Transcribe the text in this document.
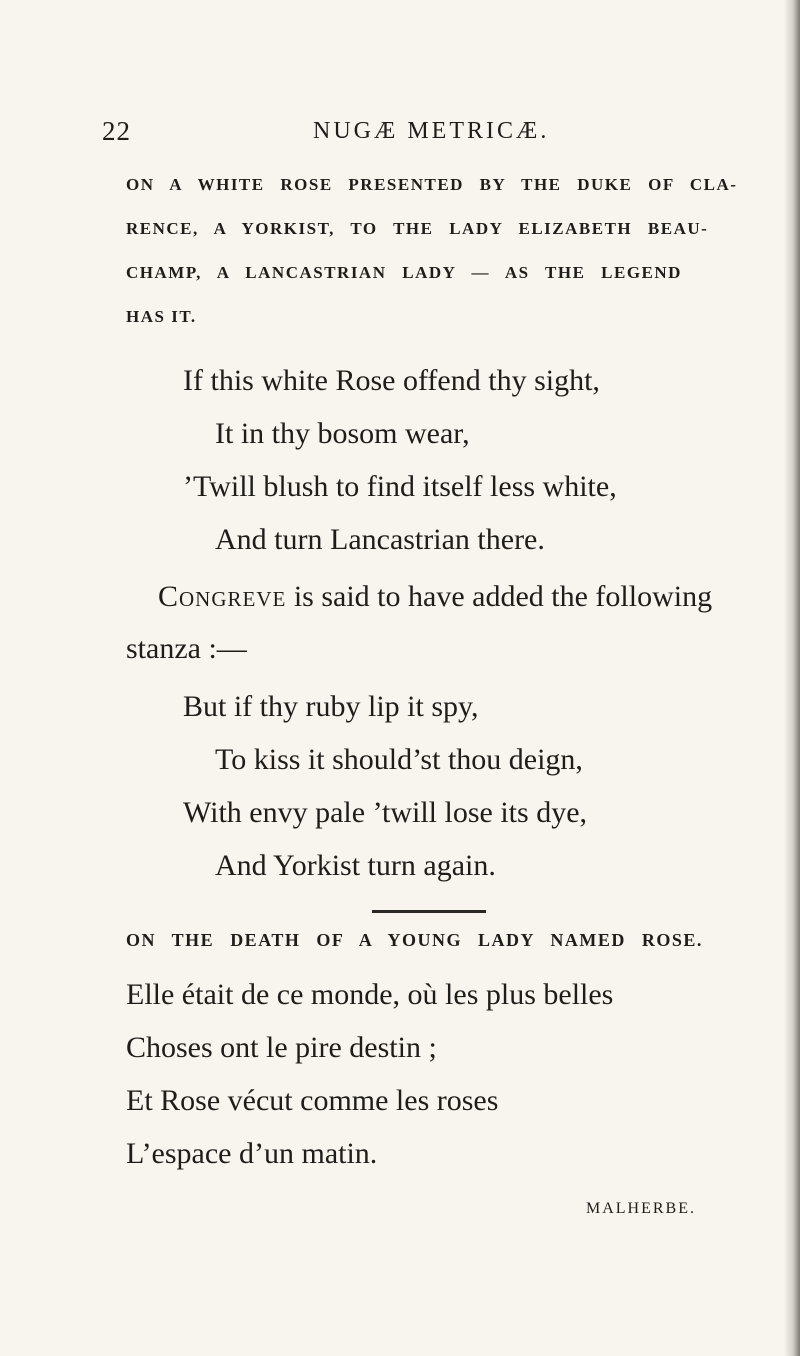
22	NUGÆ METRICÆ.
ON A WHITE ROSE PRESENTED BY THE DUKE OF CLA-
RENCE, A YORKIST, TO THE LADY ELIZABETH BEAU-
CHAMP, A LANCASTRIAN LADY — AS THE LEGEND
HAS IT.
If this white Rose offend thy sight,
It in thy bosom wear,
’Twill blush to find itself less white,
And turn Lancastrian there.
Congreve is said to have added the following
stanza :—
But if thy ruby lip it spy,
To kiss it should’st thou deign,
With envy pale ’twill lose its dye,
And Yorkist turn again.
ON THE DEATH OF A YOUNG LADY NAMED ROSE.
Elle était de ce monde, où les plus belles
Choses ont le pire destin ;
Et Rose vécut comme les roses
L’espace d’un matin.
MALHERBE.
